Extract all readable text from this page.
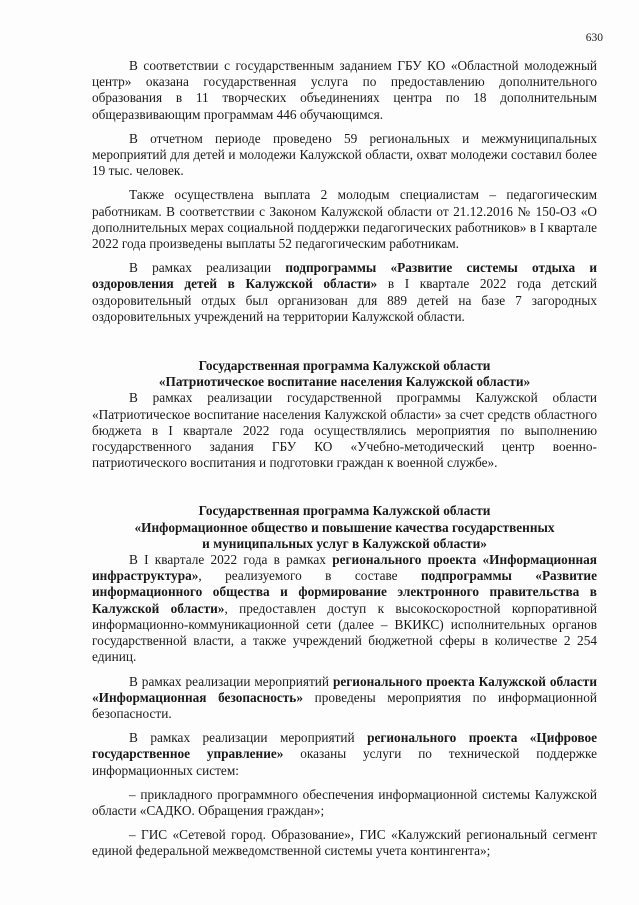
630

В соответствии с государственным заданием ГБУ КО «Областной молодежный центр» оказана государственная услуга по предоставлению дополнительного образования в 11 творческих объединениях центра по 18 дополнительным общеразвивающим программам 446 обучающимся.

В отчетном периоде проведено 59 региональных и межмуниципальных мероприятий для детей и молодежи Калужской области, охват молодежи составил более 19 тыс. человек.

Также осуществлена выплата 2 молодым специалистам – педагогическим работникам. В соответствии с Законом Калужской области от 21.12.2016 № 150-ОЗ «О дополнительных мерах социальной поддержки педагогических работников» в I квартале 2022 года произведены выплаты 52 педагогическим работникам.

В рамках реализации подпрограммы «Развитие системы отдыха и оздоровления детей в Калужской области» в I квартале 2022 года детский оздоровительный отдых был организован для 889 детей на базе 7 загородных оздоровительных учреждений на территории Калужской области.

Государственная программа Калужской области
«Патриотическое воспитание населения Калужской области»

В рамках реализации государственной программы Калужской области «Патриотическое воспитание населения Калужской области» за счет средств областного бюджета в I квартале 2022 года осуществлялись мероприятия по выполнению государственного задания ГБУ КО «Учебно-методический центр военно-патриотического воспитания и подготовки граждан к военной службе».

Государственная программа Калужской области
«Информационное общество и повышение качества государственных
и муниципальных услуг в Калужской области»

В I квартале 2022 года в рамках регионального проекта «Информационная инфраструктура», реализуемого в составе подпрограммы «Развитие информационного общества и формирование электронного правительства в Калужской области», предоставлен доступ к высокоскоростной корпоративной информационно-коммуникационной сети (далее – ВКИКС) исполнительных органов государственной власти, а также учреждений бюджетной сферы в количестве 2 254 единиц.

В рамках реализации мероприятий регионального проекта Калужской области «Информационная безопасность» проведены мероприятия по информационной безопасности.

В рамках реализации мероприятий регионального проекта «Цифровое государственное управление» оказаны услуги по технической поддержке информационных систем:

– прикладного программного обеспечения информационной системы Калужской области «САДКО. Обращения граждан»;

– ГИС «Сетевой город. Образование», ГИС «Калужский региональный сегмент единой федеральной межведомственной системы учета контингента»;
